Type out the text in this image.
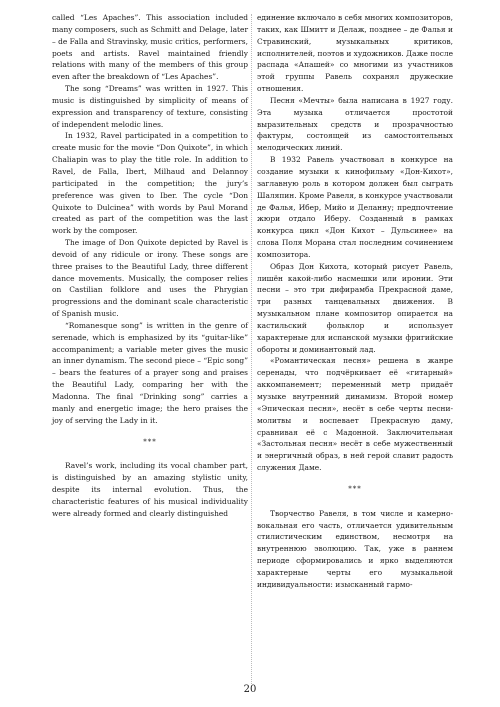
called “Les Apaches”. This association included many composers, such as Schmitt and Delage, later – de Falla and Stravinsky, music critics, performers, poets and artists. Ravel maintained friendly relations with many of the members of this group even after the breakdown of “Les Apaches”.

The song “Dreams” was written in 1927. This music is distinguished by simplicity of means of expression and transparency of texture, consisting of independent melodic lines.

In 1932, Ravel participated in a competition to create music for the movie “Don Quixote”, in which Chaliapin was to play the title role. In addition to Ravel, de Falla, Ibert, Milhaud and Delannoy participated in the competition; the jury’s preference was given to Iber. The cycle “Don Quixote to Dulcinea” with words by Paul Morand created as part of the competition was the last work by the composer.

The image of Don Quixote depicted by Ravel is devoid of any ridicule or irony. These songs are three praises to the Beautiful Lady, three different dance movements. Musically, the composer relies on Castilian folklore and uses the Phrygian progressions and the dominant scale characteristic of Spanish music.

“Romanesque song” is written in the genre of serenade, which is emphasized by its “guitar-like” accompaniment; a variable meter gives the music an inner dynamism. The second piece – “Epic song” – bears the features of a prayer song and praises the Beautiful Lady, comparing her with the Madonna. The final “Drinking song” carries a manly and energetic image; the hero praises the joy of serving the Lady in it.

***

Ravel’s work, including its vocal chamber part, is distinguished by an amazing stylistic unity, despite its internal evolution. Thus, the characteristic features of his musical individuality were already formed and clearly distinguished

единение включало в себя многих композиторов, таких, как Шмитт и Делаж, позднее – де Фалья и Стравинский, музыкальных критиков, исполнителей, поэтов и художников. Даже после распада «Апашей» со многими из участников этой группы Равель сохранял дружеские отношения.

Песня «Мечты» была написана в 1927 году. Эта музыка отличается простотой выразительных средств и прозрачностью фактуры, состоящей из самостоятельных мелодических линий.

В 1932 Равель участвовал в конкурсе на создание музыки к кинофильму «Дон-Кихот», заглавную роль в котором должен был сыграть Шаляпин. Кроме Равеля, в конкурсе участвовали де Фалья, Ибер, Мийо и Деланну; предпочтение жюри отдало Иберу. Созданный в рамках конкурса цикл «Дон Кихот – Дульсинее» на слова Поля Морана стал последним сочинением композитора.

Образ Дон Кихота, который рисует Равель, лишён какой-либо насмешки или иронии. Эти песни – это три дифирамба Прекрасной даме, три разных танцевальных движения. В музыкальном плане композитор опирается на кастильский фольклор и использует характерные для испанской музыки фригийские обороты и доминантовый лад.

«Романтическая песня» решена в жанре серенады, что подчёркивает её «гитарный» аккомпанемент; переменный метр придаёт музыке внутренний динамизм. Второй номер «Эпическая песня», несёт в себе черты песни-молитвы и воспевает Прекрасную даму, сравнивая её с Мадонной. Заключительная «Застольная песня» несёт в себе мужественный и энергичный образ, в ней герой славит радость служения Даме.

***

Творчество Равеля, в том числе и камерно-вокальная его часть, отличается удивительным стилистическим единством, несмотря на внутреннюю эволюцию. Так, уже в раннем периоде сформировались и ярко выделяются характерные черты его музыкальной индивидуальности: изысканный гармо-

20
